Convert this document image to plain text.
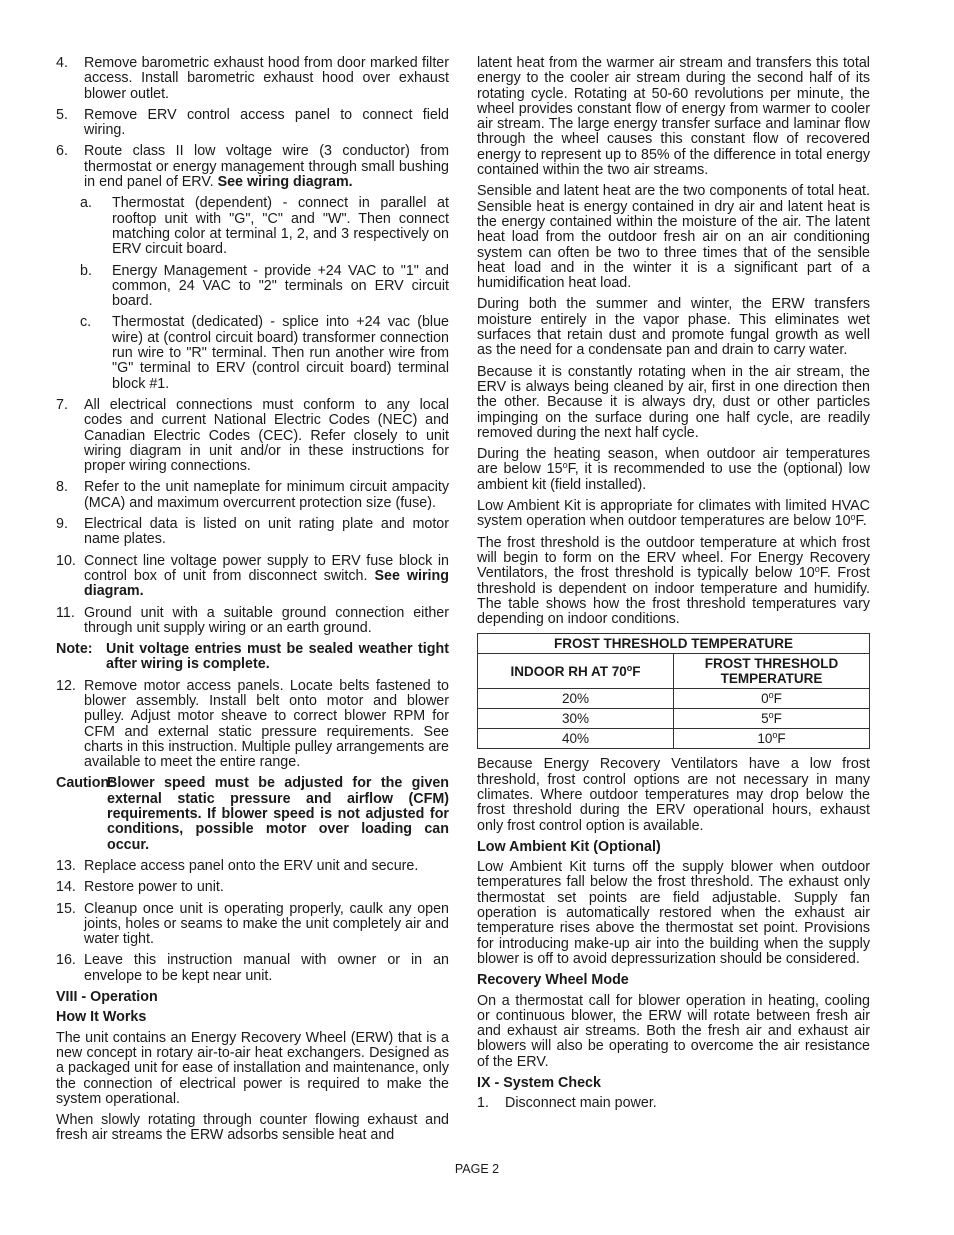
4.	Remove barometric exhaust hood from door marked filter access. Install barometric exhaust hood over exhaust blower outlet.
5.	Remove ERV control access panel to connect field wiring.
6.	Route class II low voltage wire (3 conductor) from thermostat or energy management through small bushing in end panel of ERV. See wiring diagram.
a. Thermostat (dependent) - connect in parallel at rooftop unit with "G", "C" and "W". Then connect matching color at terminal 1, 2, and 3 respectively on ERV circuit board.
b. Energy Management - provide +24 VAC to "1" and common, 24 VAC to "2" terminals on ERV circuit board.
c. Thermostat (dedicated) - splice into +24 vac (blue wire) at (control circuit board) transformer connection run wire to "R" terminal. Then run another wire from "G" terminal to ERV (control circuit board) terminal block #1.
7.	All electrical connections must conform to any local codes and current National Electric Codes (NEC) and Canadian Electric Codes (CEC). Refer closely to unit wiring diagram in unit and/or in these instructions for proper wiring connections.
8.	Refer to the unit nameplate for minimum circuit ampacity (MCA) and maximum overcurrent protection size (fuse).
9.	Electrical data is listed on unit rating plate and motor name plates.
10. Connect line voltage power supply to ERV fuse block in control box of unit from disconnect switch. See wiring diagram.
11. Ground unit with a suitable ground connection either through unit supply wiring or an earth ground.
Note: Unit voltage entries must be sealed weather tight after wiring is complete.
12. Remove motor access panels. Locate belts fastened to blower assembly. Install belt onto motor and blower pulley. Adjust motor sheave to correct blower RPM for CFM and external static pressure requirements. See charts in this instruction. Multiple pulley arrangements are available to meet the entire range.
Caution:
Blower speed must be adjusted for the given external static pressure and airflow (CFM) requirements. If blower speed is not adjusted for conditions, possible motor over loading can occur.
13. Replace access panel onto the ERV unit and secure.
14. Restore power to unit.
15. Cleanup once unit is operating properly, caulk any open joints, holes or seams to make the unit completely air and water tight.
16. Leave this instruction manual with owner or in an envelope to be kept near unit.
VIII - Operation
How It Works

The unit contains an Energy Recovery Wheel (ERW) that is a new concept in rotary air-to-air heat exchangers. Designed as a packaged unit for ease of installation and maintenance, only the connection of electrical power is required to make the system operational.

When slowly rotating through counter flowing exhaust and fresh air streams the ERW adsorbs sensible heat and

latent heat from the warmer air stream and transfers this total energy to the cooler air stream during the second half of its rotating cycle. Rotating at 50-60 revolutions per minute, the wheel provides constant flow of energy from warmer to cooler air stream. The large energy transfer surface and laminar flow through the wheel causes this constant flow of recovered energy to represent up to 85% of the difference in total energy contained within the two air streams.

Sensible and latent heat are the two components of total heat. Sensible heat is energy contained in dry air and latent heat is the energy contained within the moisture of the air. The latent heat load from the outdoor fresh air on an air conditioning system can often be two to three times that of the sensible heat load and in the winter it is a significant part of a humidification heat load.

During both the summer and winter, the ERW transfers moisture entirely in the vapor phase. This eliminates wet surfaces that retain dust and promote fungal growth as well as the need for a condensate pan and drain to carry water.

Because it is constantly rotating when in the air stream, the ERV is always being cleaned by air, first in one direction then the other. Because it is always dry, dust or other particles impinging on the surface during one half cycle, are readily removed during the next half cycle.

During the heating season, when outdoor air temperatures are below 15$^o$F, it is recommended to use the (optional) low ambient kit (field installed).

Low Ambient Kit is appropriate for climates with limited HVAC system operation when outdoor temperatures are below 10$^o$F.

The frost threshold is the outdoor temperature at which frost will begin to form on the ERV wheel. For Energy Recovery Ventilators, the frost threshold is typically below 10$^o$F. Frost threshold is dependent on indoor temperature and humidify. The table shows how the frost threshold temperatures vary depending on indoor conditions.

FROST THRESHOLD TEMPERATURE	
INDOOR RH AT 70$^o$F	FROST THRESHOLD TEMPERATURE
20%	0$^o$F
30%	5$^o$F
40%	10$^o$F

Because Energy Recovery Ventilators have a low frost threshold, frost control options are not necessary in many climates. Where outdoor temperatures may drop below the frost threshold during the ERV operational hours, exhaust only frost control option is available.

Low Ambient Kit (Optional)

Low Ambient Kit turns off the supply blower when outdoor temperatures fall below the frost threshold. The exhaust only thermostat set points are field adjustable. Supply fan operation is automatically restored when the exhaust air temperature rises above the thermostat set point. Provisions for introducing make-up air into the building when the supply blower is off to avoid depressurization should be considered.

Recovery Wheel Mode

On a thermostat call for blower operation in heating, cooling or continuous blower, the ERW will rotate between fresh air and exhaust air streams. Both the fresh air and exhaust air blowers will also be operating to overcome the air resistance of the ERV.

IX - System Check
1.	Disconnect main power.
PAGE 2
